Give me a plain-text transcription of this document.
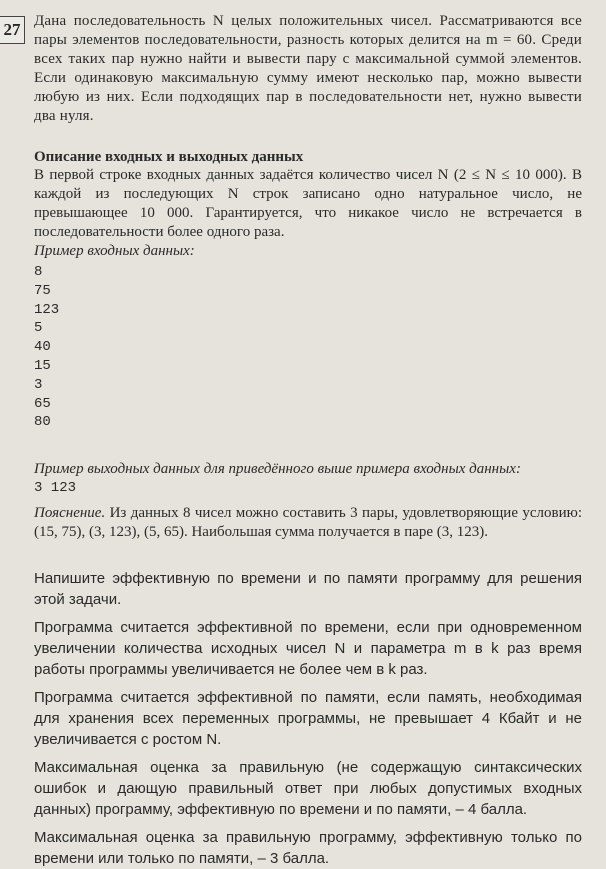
27 Дана последовательность N целых положительных чисел. Рассматриваются все пары элементов последовательности, разность которых делится на m = 60. Среди всех таких пар нужно найти и вывести пару с максимальной суммой элементов. Если одинаковую максимальную сумму имеют несколько пар, можно вывести любую из них. Если подходящих пар в последовательности нет, нужно вывести два нуля.

Описание входных и выходных данных

В первой строке входных данных задаётся количество чисел N (2 ≤ N ≤ 10 000). В каждой из последующих N строк записано одно натуральное число, не превышающее 10 000. Гарантируется, что никакое число не встречается в последовательности более одного раза.

Пример входных данных:

8
75
123
5
40
15
3
65
80

Пример выходных данных для приведённого выше примера входных данных:

3 123

Пояснение. Из данных 8 чисел можно составить 3 пары, удовлетворяющие условию: (15, 75), (3, 123), (5, 65). Наибольшая сумма получается в паре (3, 123).

Напишите эффективную по времени и по памяти программу для решения этой задачи.

Программа считается эффективной по времени, если при одновременном увеличении количества исходных чисел N и параметра m в k раз время работы программы увеличивается не более чем в k раз.

Программа считается эффективной по памяти, если память, необходимая для хранения всех переменных программы, не превышает 4 Кбайт и не увеличивается с ростом N.

Максимальная оценка за правильную (не содержащую синтаксических ошибок и дающую правильный ответ при любых допустимых входных данных) программу, эффективную по времени и по памяти, – 4 балла.

Максимальная оценка за правильную программу, эффективную только по времени или только по памяти, – 3 балла.
